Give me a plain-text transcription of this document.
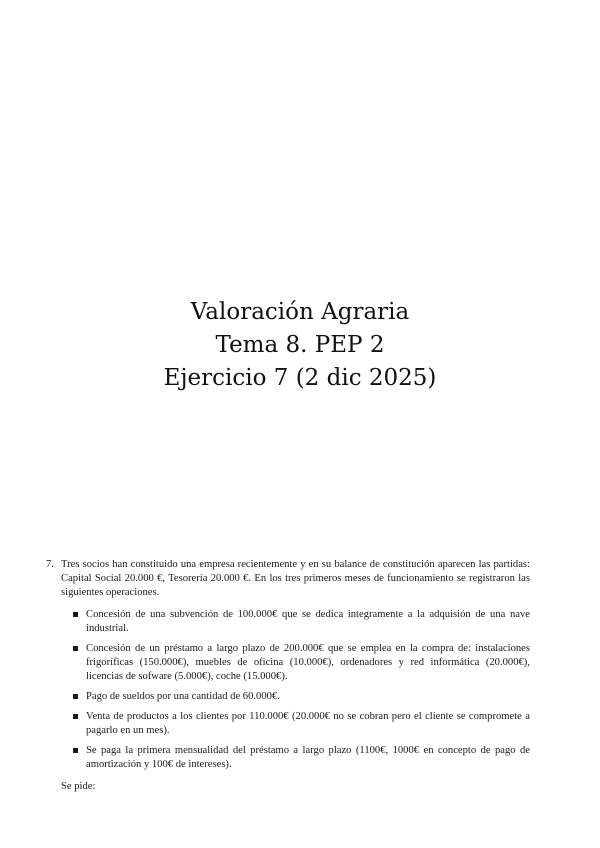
Valoración Agraria
Tema 8. PEP 2
Ejercicio 7 (2 dic 2025)
7. Tres socios han constituido una empresa recientemente y en su balance de constitución aparecen las partidas: Capital Social 20.000 €, Tesorería 20.000 €. En los tres primeros meses de funcionamiento se registraron las siguientes operaciones.
Concesión de una subvención de 100.000€ que se dedica integramente a la adquisión de una nave industrial.
Concesión de un préstamo a largo plazo de 200.000€ que se emplea en la compra de: instalaciones frigoríficas (150.000€), muebles de oficina (10.000€), ordenadores y red informática (20.000€), licencias de sofware (5.000€), coche (15.000€).
Pago de sueldos por una cantidad de 60.000€.
Venta de productos a los clientes por 110.000€ (20.000€ no se cobran pero el cliente se compromete a pagarlo en un mes).
Se paga la primera mensualidad del préstamo a largo plazo (1100€, 1000€ en concepto de pago de amortización y 100€ de intereses).
Se pide:
